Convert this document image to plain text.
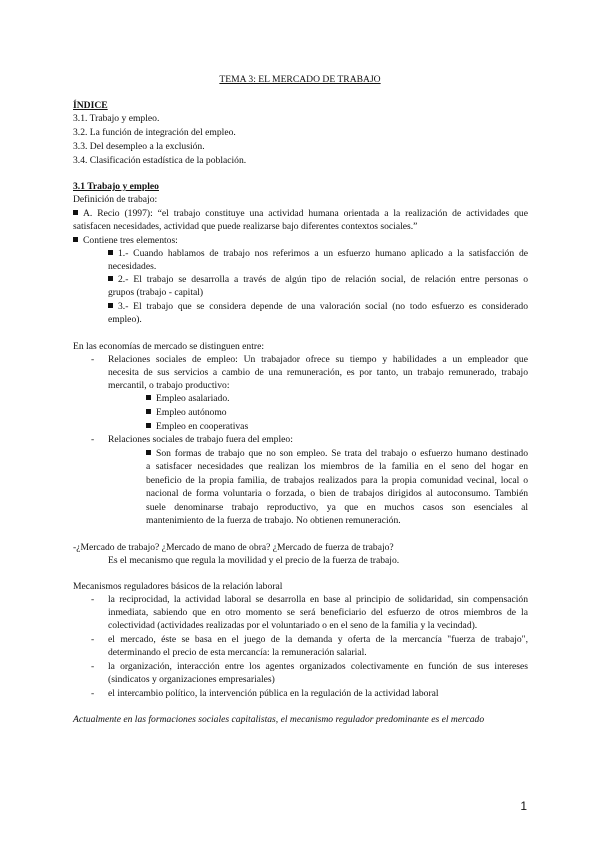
TEMA 3: EL MERCADO DE TRABAJO
ÍNDICE
3.1. Trabajo y empleo.
3.2. La función de integración del empleo.
3.3. Del desempleo a la exclusión.
3.4. Clasificación estadística de la población.
3.1 Trabajo y empleo
Definición de trabajo:
A. Recio (1997): “el trabajo constituye una actividad humana orientada a la realización de actividades que
satisfacen necesidades, actividad que puede realizarse bajo diferentes contextos sociales.”
Contiene tres elementos:
1.- Cuando hablamos de trabajo nos referimos a un esfuerzo humano aplicado a la satisfacción de
necesidades.
2.- El trabajo se desarrolla a través de algún tipo de relación social, de relación entre personas o
grupos (trabajo - capital)
3.- El trabajo que se considera depende de una valoración social (no todo esfuerzo es considerado
empleo).
En las economías de mercado se distinguen entre:
- Relaciones sociales de empleo: Un trabajador ofrece su tiempo y habilidades a un empleador que
necesita de sus servicios a cambio de una remuneración, es por tanto, un trabajo remunerado, trabajo
mercantil, o trabajo productivo:
Empleo asalariado.
Empleo autónomo
Empleo en cooperativas
- Relaciones sociales de trabajo fuera del empleo:
Son formas de trabajo que no son empleo. Se trata del trabajo o esfuerzo humano destinado
a satisfacer necesidades que realizan los miembros de la familia en el seno del hogar en
beneficio de la propia familia, de trabajos realizados para la propia comunidad vecinal, local o
nacional de forma voluntaria o forzada, o bien de trabajos dirigidos al autoconsumo. También
suele denominarse trabajo reproductivo, ya que en muchos casos son esenciales al
mantenimiento de la fuerza de trabajo. No obtienen remuneración.
-¿Mercado de trabajo? ¿Mercado de mano de obra? ¿Mercado de fuerza de trabajo?
Es el mecanismo que regula la movilidad y el precio de la fuerza de trabajo.
Mecanismos reguladores básicos de la relación laboral
- la reciprocidad, la actividad laboral se desarrolla en base al principio de solidaridad, sin compensación
inmediata, sabiendo que en otro momento se será beneficiario del esfuerzo de otros miembros de la
colectividad (actividades realizadas por el voluntariado o en el seno de la familia y la vecindad).
- el mercado, éste se basa en el juego de la demanda y oferta de la mercancía "fuerza de trabajo",
determinando el precio de esta mercancía: la remuneración salarial.
- la organización, interacción entre los agentes organizados colectivamente en función de sus intereses
(sindicatos y organizaciones empresariales)
- el intercambio político, la intervención pública en la regulación de la actividad laboral
Actualmente en las formaciones sociales capitalistas, el mecanismo regulador predominante es el mercado
1
